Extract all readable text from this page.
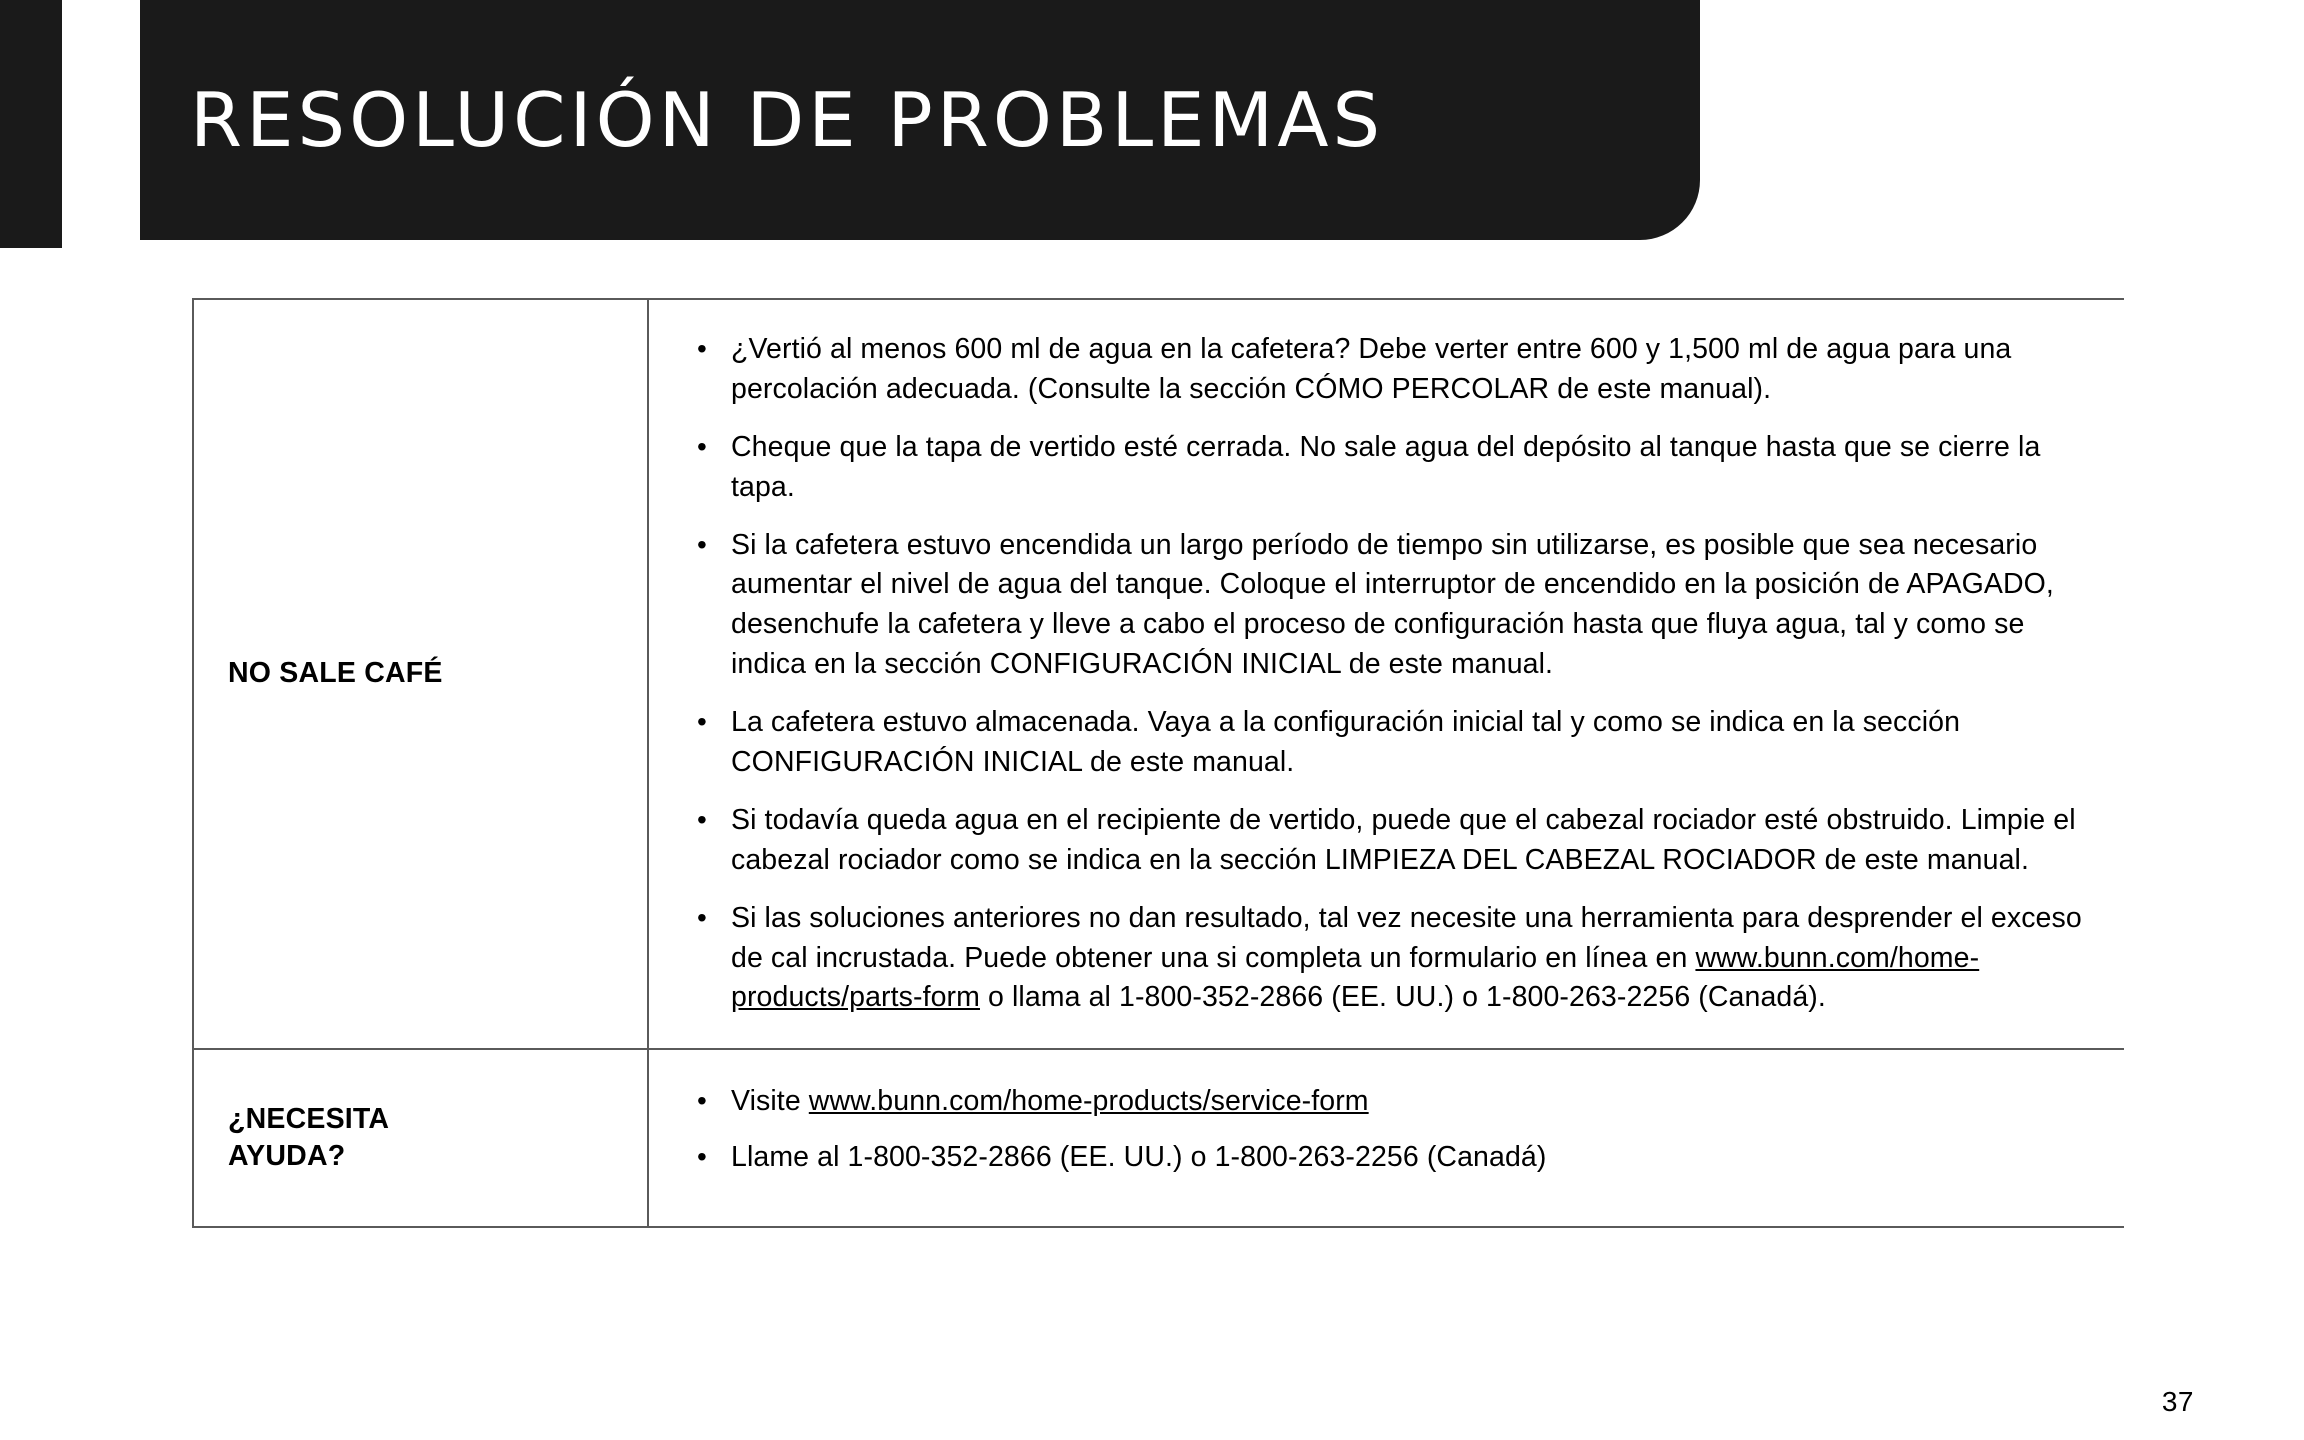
RESOLUCIÓN DE PROBLEMAS
NO SALE CAFÉ
• ¿Vertió al menos 600 ml de agua en la cafetera? Debe verter entre 600 y 1,500 ml de agua para una percolación adecuada. (Consulte la sección CÓMO PERCOLAR de este manual).
• Cheque que la tapa de vertido esté cerrada. No sale agua del depósito al tanque hasta que se cierre la tapa.
• Si la cafetera estuvo encendida un largo período de tiempo sin utilizarse, es posible que sea necesario aumentar el nivel de agua del tanque. Coloque el interruptor de encendido en la posición de APAGADO, desenchufe la cafetera y lleve a cabo el proceso de configuración hasta que fluya agua, tal y como se indica en la sección CONFIGURACIÓN INICIAL de este manual.
• La cafetera estuvo almacenada. Vaya a la configuración inicial tal y como se indica en la sección CONFIGURACIÓN INICIAL de este manual.
• Si todavía queda agua en el recipiente de vertido, puede que el cabezal rociador esté obstruido. Limpie el cabezal rociador como se indica en la sección LIMPIEZA DEL CABEZAL ROCIADOR de este manual.
• Si las soluciones anteriores no dan resultado, tal vez necesite una herramienta para desprender el exceso de cal incrustada. Puede obtener una si completa un formulario en línea en www.bunn.com/home-products/parts-form o llama al 1-800-352-2866 (EE. UU.) o 1-800-263-2256 (Canadá).
¿NECESITA
AYUDA?
• Visite www.bunn.com/home-products/service-form
• Llame al 1-800-352-2866 (EE. UU.) o 1-800-263-2256 (Canadá)
37
